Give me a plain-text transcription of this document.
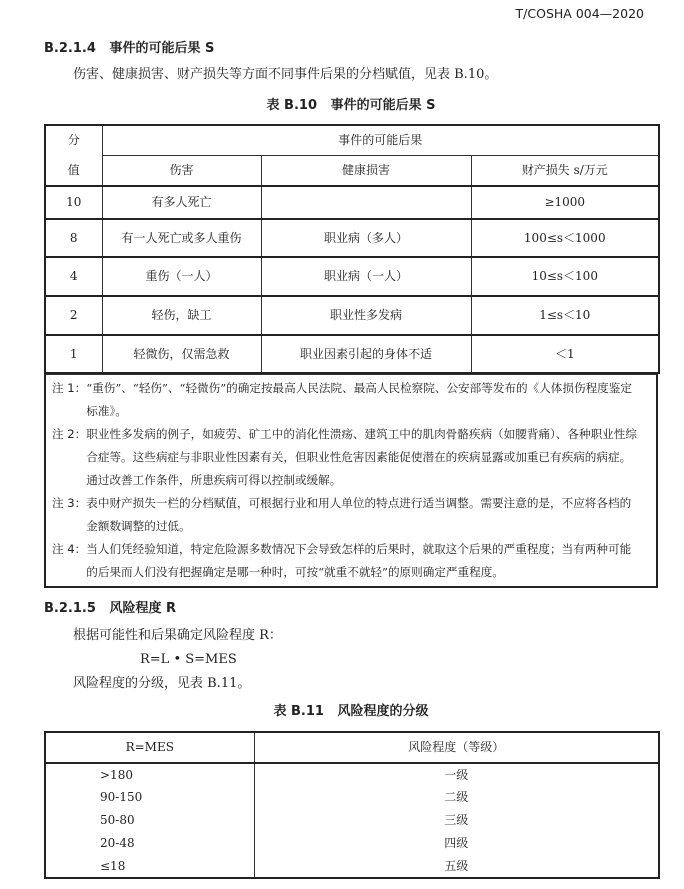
T/COSHA 004—2020
B.2.1.4 事件的可能后果 S
伤害、健康损害、财产损失等方面不同事件后果的分档赋值，见表 B.10。
表 B.10 事件的可能后果 S
分	事件的可能后果		
值	伤害	健康损害	财产损失 s/万元
10	有多人死亡		≥1000
8	有一人死亡或多人重伤	职业病（多人）	100≤s＜1000
4	重伤（一人）	职业病（一人）	10≤s＜100
2	轻伤，缺工	职业性多发病	1≤s＜10
1	轻微伤，仅需急救	职业因素引起的身体不适	＜1
注 1： “重伤”、“轻伤”、“轻微伤”的确定按最高人民法院、最高人民检察院、公安部等发布的《人体损伤程度鉴定
标准》。
注 2： 职业性多发病的例子，如疲劳、矿工中的消化性溃疡、建筑工中的肌肉骨骼疾病（如腰背痛）、各种职业性综
合症等。这些病症与非职业性因素有关，但职业性危害因素能促使潜在的疾病显露或加重已有疾病的病症。
通过改善工作条件，所患疾病可得以控制或缓解。
注 3： 表中财产损失一栏的分档赋值，可根据行业和用人单位的特点进行适当调整。需要注意的是，不应将各档的
金额数调整的过低。
注 4： 当人们凭经验知道，特定危险源多数情况下会导致怎样的后果时，就取这个后果的严重程度；当有两种可能
的后果而人们没有把握确定是哪一种时，可按“就重不就轻”的原则确定严重程度。
B.2.1.5 风险程度 R
根据可能性和后果确定风险程度 R：
R=L • S=MES
风险程度的分级，见表 B.11。
表 B.11 风险程度的分级
R=MES	风险程度（等级）
>180	一级
90-150	二级
50-80	三级
20-48	四级
≤18	五级
